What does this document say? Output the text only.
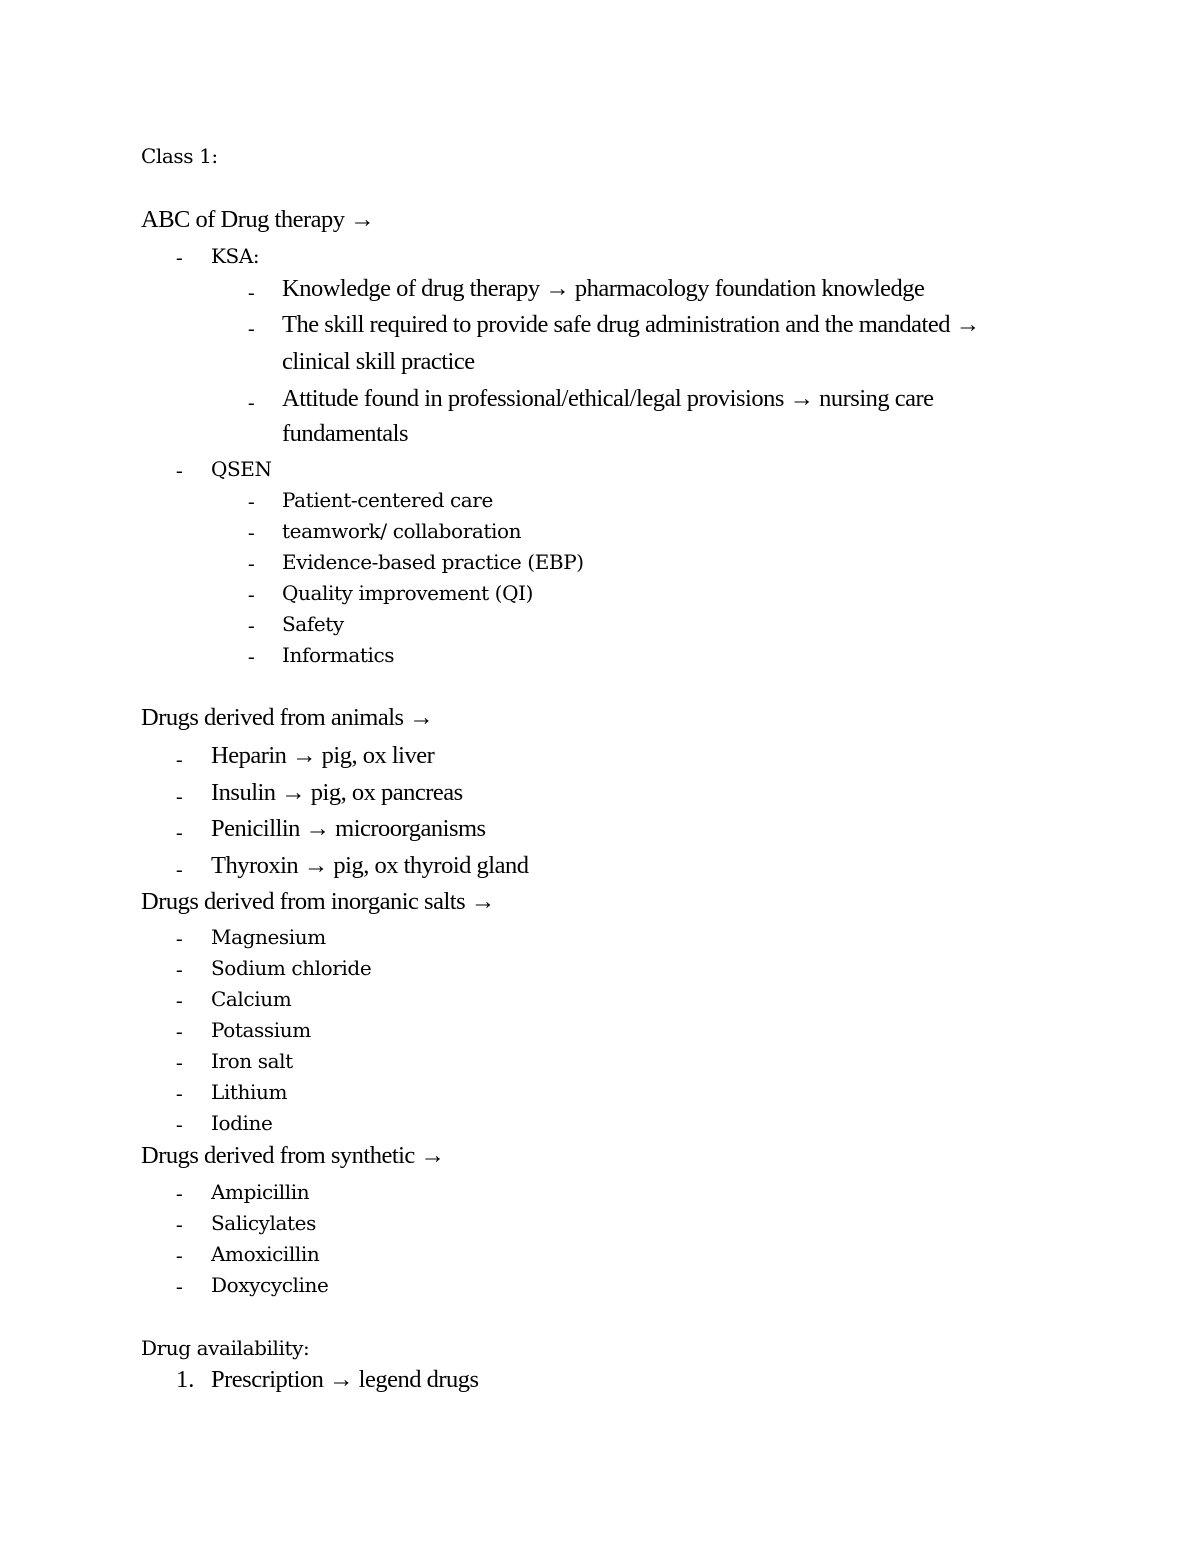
Class 1:
ABC of Drug therapy →
- KSA:
- Knowledge of drug therapy → pharmacology foundation knowledge
- The skill required to provide safe drug administration and the mandated →
clinical skill practice
- Attitude found in professional/ethical/legal provisions → nursing care
fundamentals
- QSEN
- Patient-centered care
- teamwork/ collaboration
- Evidence-based practice (EBP)
- Quality improvement (QI)
- Safety
- Informatics
Drugs derived from animals →
- Heparin → pig, ox liver
- Insulin → pig, ox pancreas
- Penicillin → microorganisms
- Thyroxin → pig, ox thyroid gland
Drugs derived from inorganic salts →
- Magnesium
- Sodium chloride
- Calcium
- Potassium
- Iron salt
- Lithium
- Iodine
Drugs derived from synthetic →
- Ampicillin
- Salicylates
- Amoxicillin
- Doxycycline
Drug availability:
1. Prescription → legend drugs
